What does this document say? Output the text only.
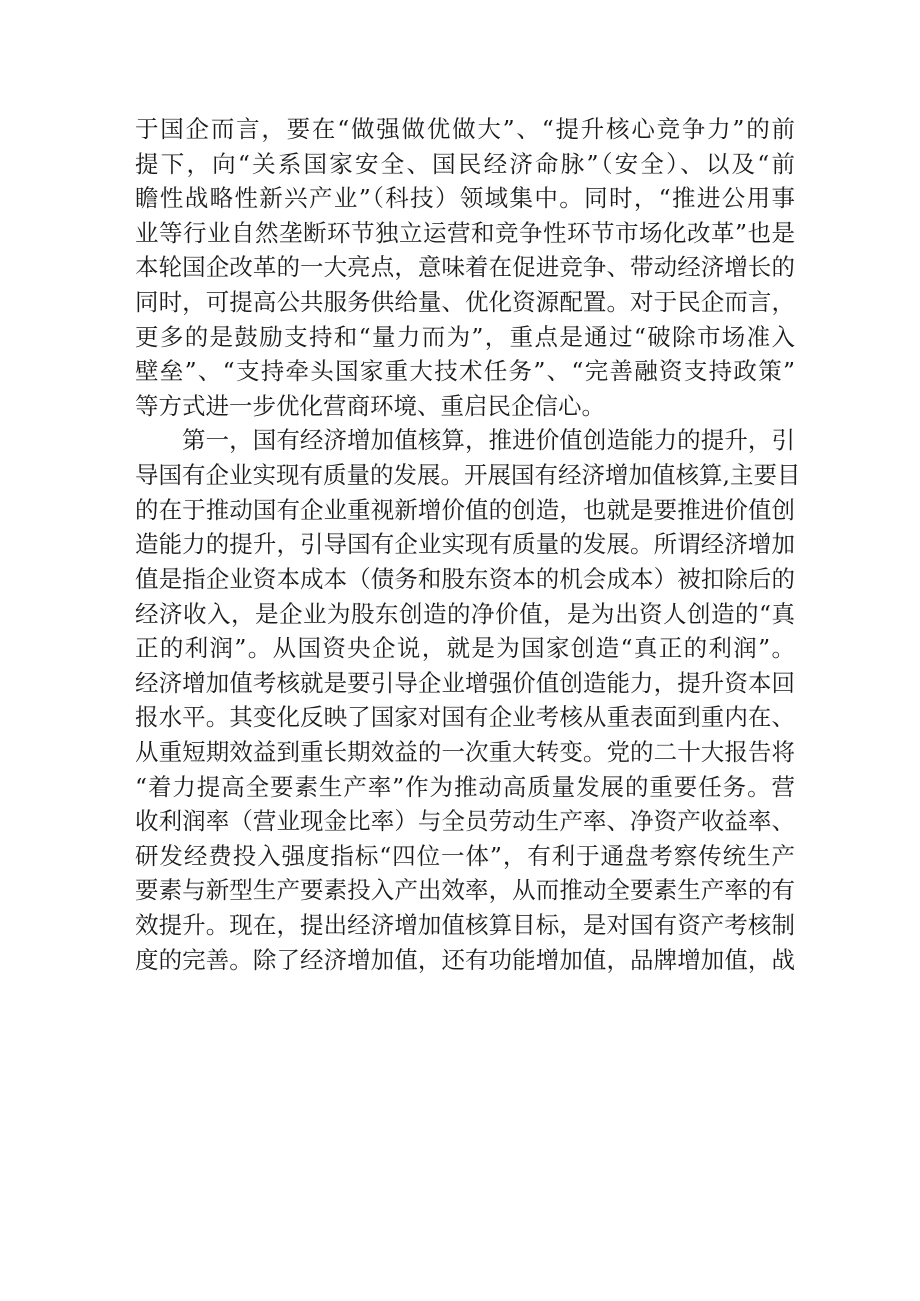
于国企而言，要在“做强做优做大”、“提升核心竞争力”的前
提下，向“关系国家安全、国民经济命脉”（安全）、以及“前
瞻性战略性新兴产业”（科技）领域集中。同时，“推进公用事
业等行业自然垄断环节独立运营和竞争性环节市场化改革”也是
本轮国企改革的一大亮点，意味着在促进竞争、带动经济增长的
同时，可提高公共服务供给量、优化资源配置。对于民企而言，
更多的是鼓励支持和“量力而为”，重点是通过“破除市场准入
壁垒”、“支持牵头国家重大技术任务”、“完善融资支持政策”
等方式进一步优化营商环境、重启民企信心。
第一，国有经济增加值核算，推进价值创造能力的提升，引
导国有企业实现有质量的发展。开展国有经济增加值核算,主要目
的在于推动国有企业重视新增价值的创造，也就是要推进价值创
造能力的提升，引导国有企业实现有质量的发展。所谓经济增加
值是指企业资本成本（债务和股东资本的机会成本）被扣除后的
经济收入，是企业为股东创造的净价值，是为出资人创造的“真
正的利润”。从国资央企说，就是为国家创造“真正的利润”。
经济增加值考核就是要引导企业增强价值创造能力，提升资本回
报水平。其变化反映了国家对国有企业考核从重表面到重内在、
从重短期效益到重长期效益的一次重大转变。党的二十大报告将
“着力提高全要素生产率”作为推动高质量发展的重要任务。营
收利润率（营业现金比率）与全员劳动生产率、净资产收益率、
研发经费投入强度指标“四位一体”，有利于通盘考察传统生产
要素与新型生产要素投入产出效率，从而推动全要素生产率的有
效提升。现在，提出经济增加值核算目标，是对国有资产考核制
度的完善。除了经济增加值，还有功能增加值，品牌增加值，战
